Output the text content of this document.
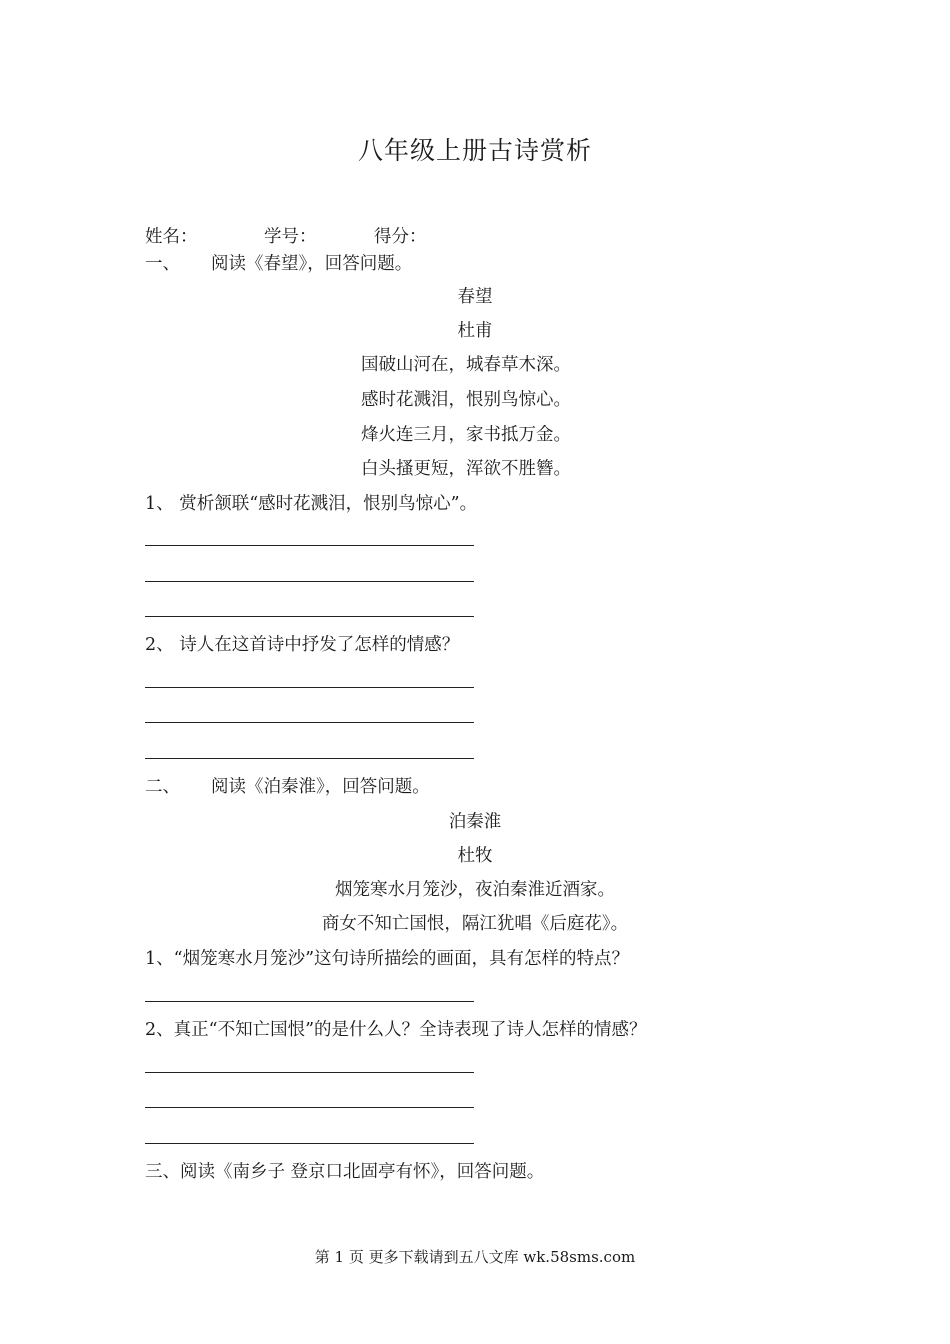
八年级上册古诗赏析
姓名：	学号：	得分：
一、 阅读《春望》，回答问题。
春望
杜甫
国破山河在，城春草木深。
感时花溅泪，恨别鸟惊心。
烽火连三月，家书抵万金。
白头搔更短，浑欲不胜簪。
1、 赏析颔联“感时花溅泪，恨别鸟惊心”。
2、 诗人在这首诗中抒发了怎样的情感？
二、 阅读《泊秦淮》，回答问题。
泊秦淮
杜牧
烟笼寒水月笼沙，夜泊秦淮近酒家。
商女不知亡国恨，隔江犹唱《后庭花》。
1、“烟笼寒水月笼沙”这句诗所描绘的画面，具有怎样的特点？
2、真正“不知亡国恨”的是什么人？全诗表现了诗人怎样的情感？
三、阅读《南乡子 登京口北固亭有怀》，回答问题。
第 1 页 更多下载请到五八文库 wk.58sms.com
